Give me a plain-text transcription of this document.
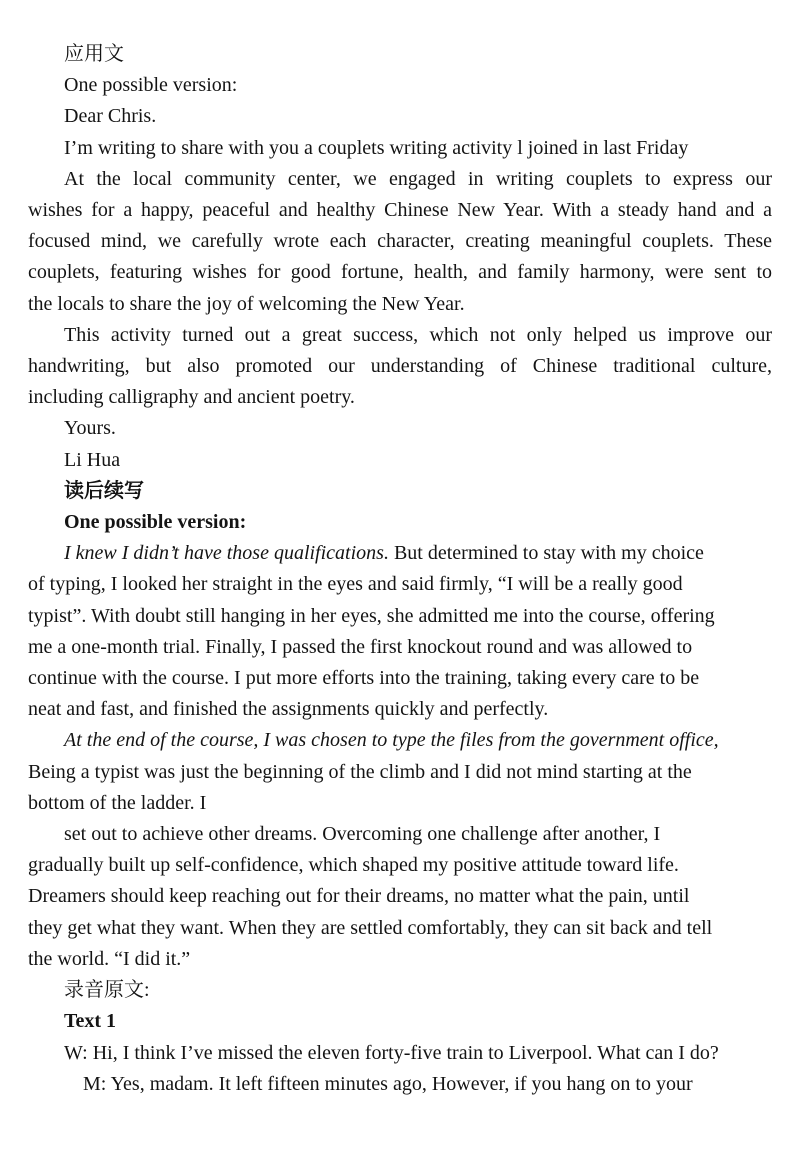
应用文
One possible version:
Dear Chris.
I’m writing to share with you a couplets writing activity l joined in last Friday
At the local community center, we engaged in writing couplets to express our
wishes for a happy, peaceful and healthy Chinese New Year. With a steady hand and a
focused mind, we carefully wrote each character, creating meaningful couplets. These
couplets, featuring wishes for good fortune, health, and family harmony, were sent to
the locals to share the joy of welcoming the New Year.
This activity turned out a great success, which not only helped us improve our
handwriting, but also promoted our understanding of Chinese traditional culture,
including calligraphy and ancient poetry.
Yours.
Li Hua
读后续写
One possible version:
I knew I didn’t have those qualifications. But determined to stay with my choice
of typing, I looked her straight in the eyes and said firmly, “I will be a really good
typist”. With doubt still hanging in her eyes, she admitted me into the course, offering
me a one-month trial. Finally, I passed the first knockout round and was allowed to
continue with the course. I put more efforts into the training, taking every care to be
neat and fast, and finished the assignments quickly and perfectly.
At the end of the course, I was chosen to type the files from the government office,
Being a typist was just the beginning of the climb and I did not mind starting at the
bottom of the ladder. I
set out to achieve other dreams. Overcoming one challenge after another, I
gradually built up self-confidence, which shaped my positive attitude toward life.
Dreamers should keep reaching out for their dreams, no matter what the pain, until
they get what they want. When they are settled comfortably, they can sit back and tell
the world. “I did it.”
录音原文:
Text 1
W: Hi, I think I’ve missed the eleven forty-five train to Liverpool. What can I do?
M: Yes, madam. It left fifteen minutes ago, However, if you hang on to your
